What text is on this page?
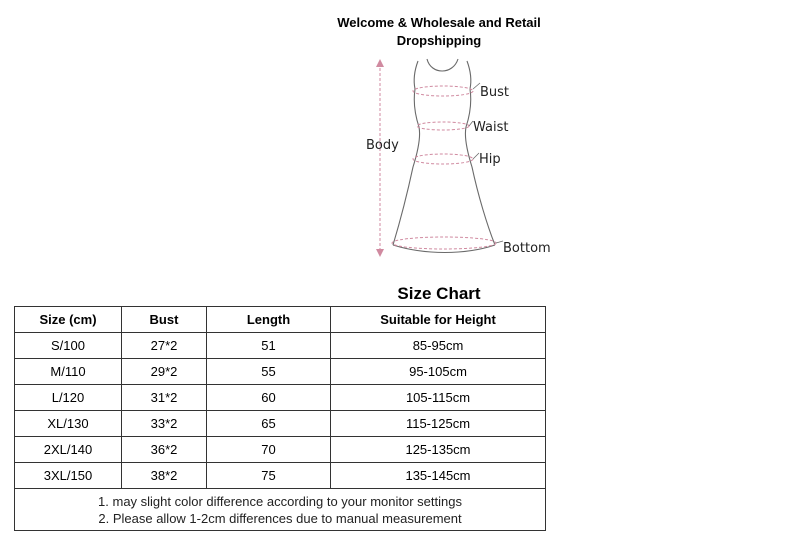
Welcome & Wholesale and Retail
Dropshipping
Bust
Waist
Hip
Body
Bottom
Size Chart
Size (cm)	Bust	Length	Suitable for Height
S/100	27*2	51	85-95cm
M/110	29*2	55	95-105cm
L/120	31*2	60	105-115cm
XL/130	33*2	65	115-125cm
2XL/140	36*2	70	125-135cm
3XL/150	38*2	75	135-145cm

1. may slight color difference according to your monitor settings
2. Please allow 1-2cm differences due to manual measurement			
